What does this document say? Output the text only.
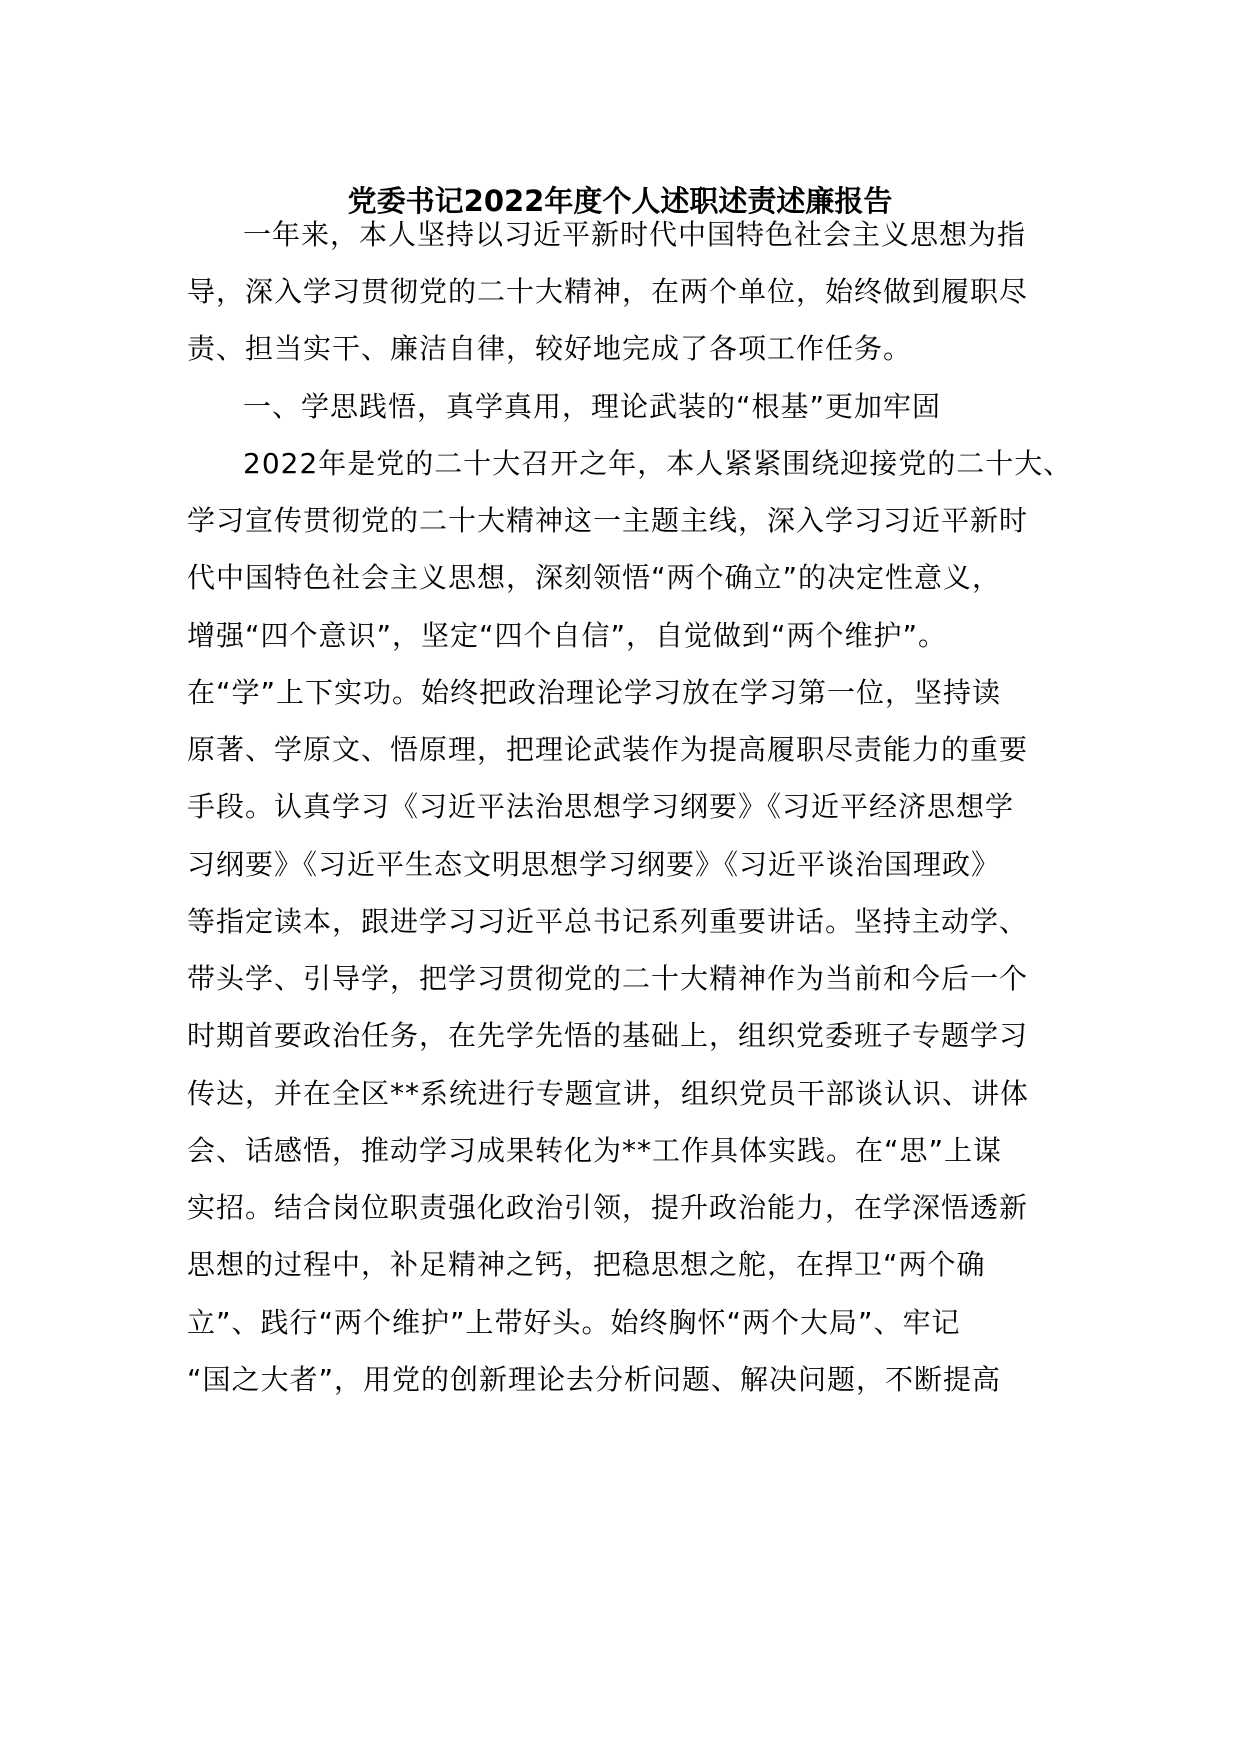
党委书记2022年度个人述职述责述廉报告
一年来，本人坚持以习近平新时代中国特色社会主义思想为指
导，深入学习贯彻党的二十大精神，在两个单位，始终做到履职尽
责、担当实干、廉洁自律，较好地完成了各项工作任务。
一、学思践悟，真学真用，理论武装的“根基”更加牢固
2022年是党的二十大召开之年，本人紧紧围绕迎接党的二十大、
学习宣传贯彻党的二十大精神这一主题主线，深入学习习近平新时
代中国特色社会主义思想，深刻领悟“两个确立”的决定性意义，
增强“四个意识”，坚定“四个自信”，自觉做到“两个维护”。
在“学”上下实功。始终把政治理论学习放在学习第一位，坚持读
原著、学原文、悟原理，把理论武装作为提高履职尽责能力的重要
手段。认真学习《习近平法治思想学习纲要》《习近平经济思想学
习纲要》《习近平生态文明思想学习纲要》《习近平谈治国理政》
等指定读本，跟进学习习近平总书记系列重要讲话。坚持主动学、
带头学、引导学，把学习贯彻党的二十大精神作为当前和今后一个
时期首要政治任务，在先学先悟的基础上，组织党委班子专题学习
传达，并在全区**系统进行专题宣讲，组织党员干部谈认识、讲体
会、话感悟，推动学习成果转化为**工作具体实践。在“思”上谋
实招。结合岗位职责强化政治引领，提升政治能力，在学深悟透新
思想的过程中，补足精神之钙，把稳思想之舵，在捍卫“两个确
立”、践行“两个维护”上带好头。始终胸怀“两个大局”、牢记
“国之大者”，用党的创新理论去分析问题、解决问题，不断提高
